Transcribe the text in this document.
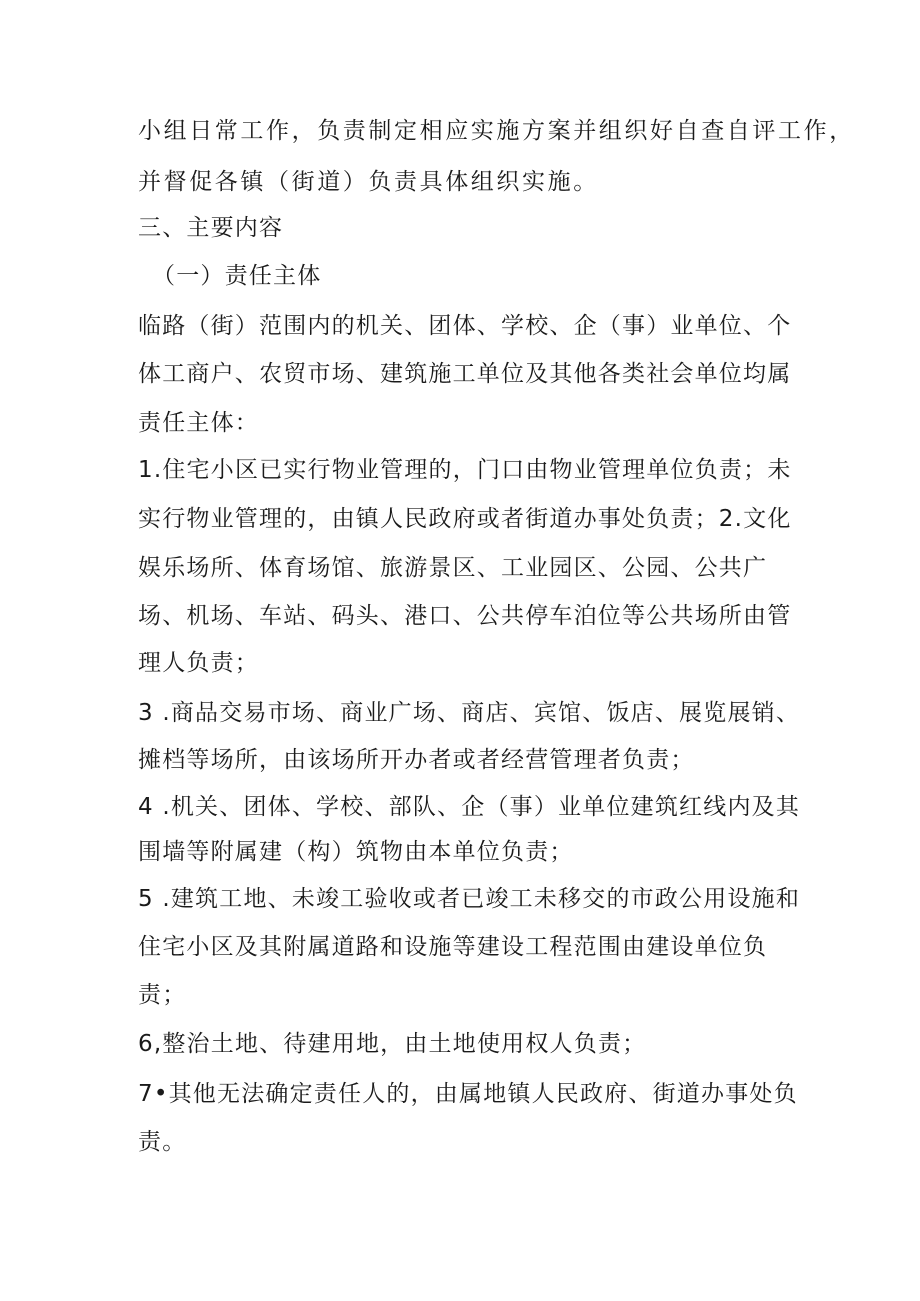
小组日常工作，负责制定相应实施方案并组织好自查自评工作，

并督促各镇（街道）负责具体组织实施。

三、主要内容

（一）责任主体

临路（街）范围内的机关、团体、学校、企（事）业单位、个

体工商户、农贸市场、建筑施工单位及其他各类社会单位均属

责任主体：

1.住宅小区已实行物业管理的，门口由物业管理单位负责；未

实行物业管理的，由镇人民政府或者街道办事处负责；2.文化

娱乐场所、体育场馆、旅游景区、工业园区、公园、公共广

场、机场、车站、码头、港口、公共停车泊位等公共场所由管

理人负责；

3 .商品交易市场、商业广场、商店、宾馆、饭店、展览展销、

摊档等场所，由该场所开办者或者经营管理者负责；

4 .机关、团体、学校、部队、企（事）业单位建筑红线内及其

围墙等附属建（构）筑物由本单位负责；

5 .建筑工地、未竣工验收或者已竣工未移交的市政公用设施和

住宅小区及其附属道路和设施等建设工程范围由建设单位负

责；

6,整治土地、待建用地，由土地使用权人负责；

7•其他无法确定责任人的，由属地镇人民政府、街道办事处负

责。
